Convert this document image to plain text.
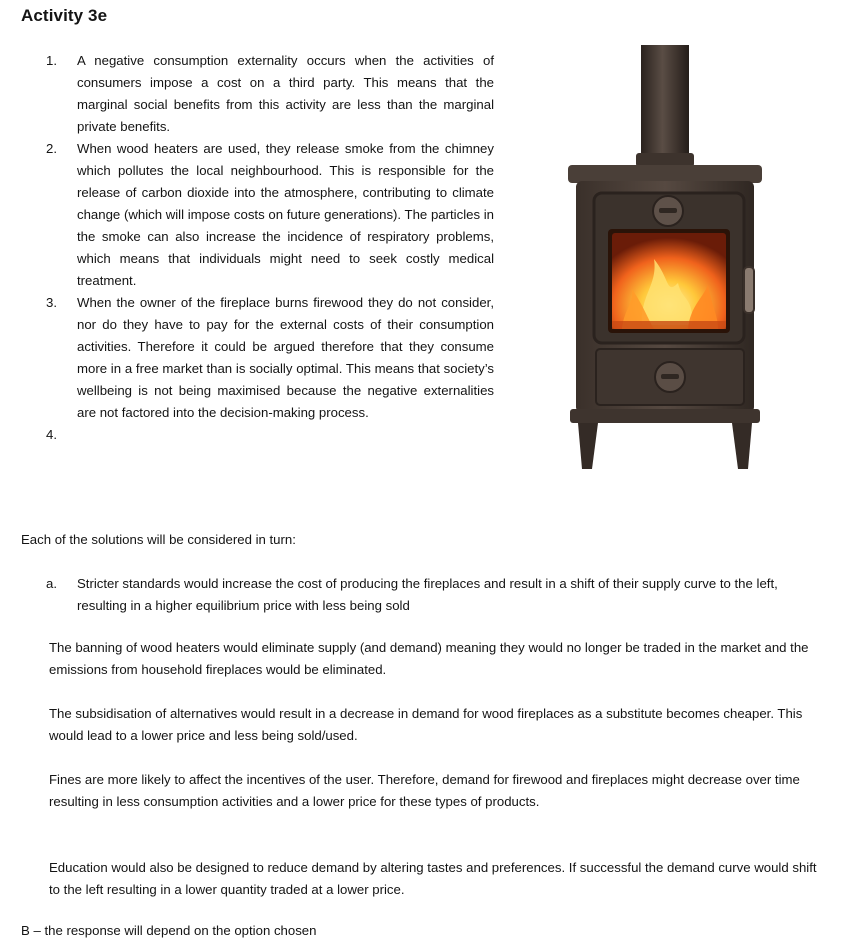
Activity 3e
1.	A negative consumption externality occurs when the activities of consumers impose a cost on a third party. This means that the marginal social benefits from this activity are less than the marginal private benefits.
2.	When wood heaters are used, they release smoke from the chimney which pollutes the local neighbourhood. This is responsible for the release of carbon dioxide into the atmosphere, contributing to climate change (which will impose costs on future generations). The particles in the smoke can also increase the incidence of respiratory problems, which means that individuals might need to seek costly medical treatment.
3.	When the owner of the fireplace burns firewood they do not consider, nor do they have to pay for the external costs of their consumption activities. Therefore it could be argued therefore that they consume more in a free market than is socially optimal. This means that society’s wellbeing is not being maximised because the negative externalities are not factored into the decision-making process.
4.
Each of the solutions will be considered in turn:
a.	Stricter standards would increase the cost of producing the fireplaces and result in a shift of their supply curve to the left, resulting in a higher equilibrium price with less being sold
The banning of wood heaters would eliminate supply (and demand) meaning they would no longer be traded in the market and the emissions from household fireplaces would be eliminated.
The subsidisation of alternatives would result in a decrease in demand for wood fireplaces as a substitute becomes cheaper. This would lead to a lower price and less being sold/used.
Fines are more likely to affect the incentives of the user. Therefore, demand for firewood and fireplaces might decrease over time resulting in less consumption activities and a lower price for these types of products.
Education would also be designed to reduce demand by altering tastes and preferences. If successful the demand curve would shift to the left resulting in a lower quantity traded at a lower price.
B – the response will depend on the option chosen
